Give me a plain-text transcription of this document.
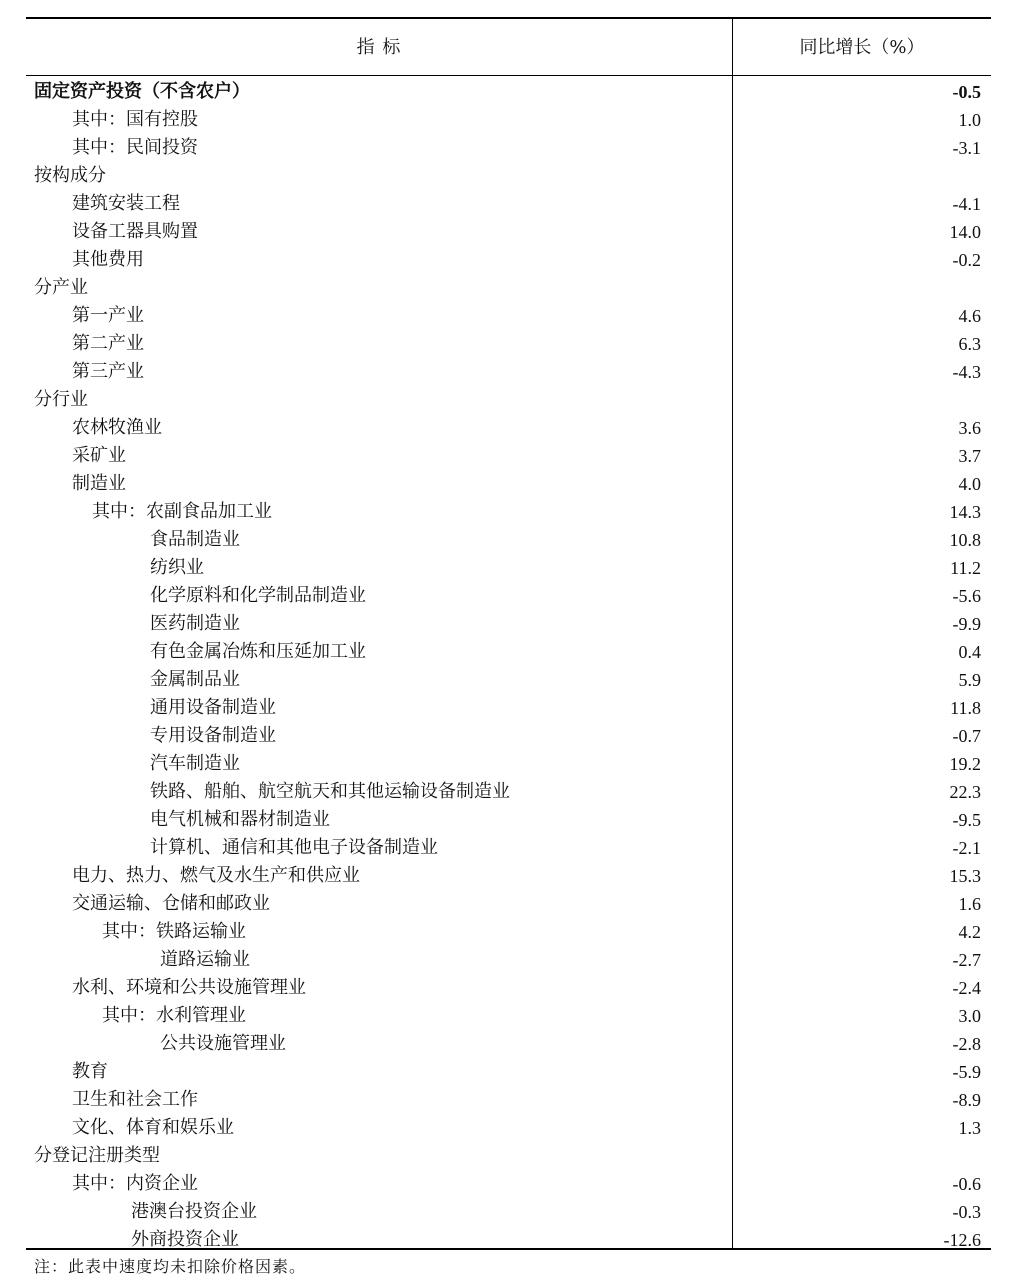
指 标	同比增长（%）
固定资产投资（不含农户）	-0.5
其中：国有控股	1.0
其中：民间投资	-3.1
按构成分
建筑安装工程	-4.1
设备工器具购置	14.0
其他费用	-0.2
分产业
第一产业	4.6
第二产业	6.3
第三产业	-4.3
分行业
农林牧渔业	3.6
采矿业	3.7
制造业	4.0
其中：农副食品加工业	14.3
食品制造业	10.8
纺织业	11.2
化学原料和化学制品制造业	-5.6
医药制造业	-9.9
有色金属冶炼和压延加工业	0.4
金属制品业	5.9
通用设备制造业	11.8
专用设备制造业	-0.7
汽车制造业	19.2
铁路、船舶、航空航天和其他运输设备制造业	22.3
电气机械和器材制造业	-9.5
计算机、通信和其他电子设备制造业	-2.1
电力、热力、燃气及水生产和供应业	15.3
交通运输、仓储和邮政业	1.6
其中：铁路运输业	4.2
道路运输业	-2.7
水利、环境和公共设施管理业	-2.4
其中：水利管理业	3.0
公共设施管理业	-2.8
教育	-5.9
卫生和社会工作	-8.9
文化、体育和娱乐业	1.3
分登记注册类型
其中：内资企业	-0.6
港澳台投资企业	-0.3
外商投资企业	-12.6
注：此表中速度均未扣除价格因素。
